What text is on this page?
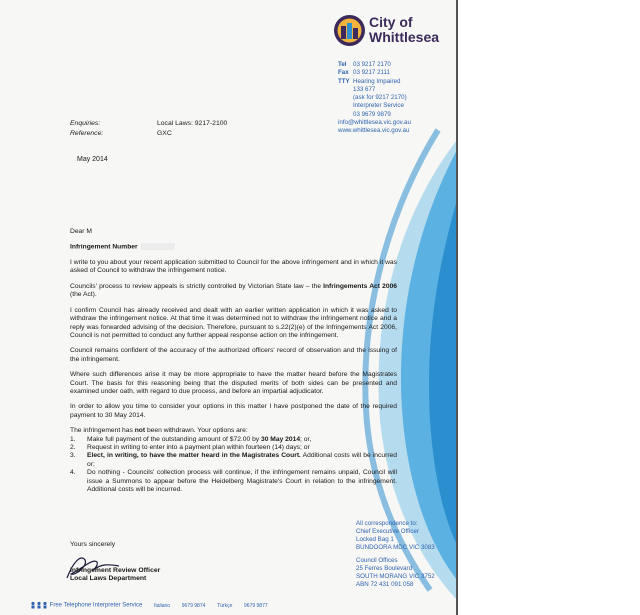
City of
Whittlesea
Tel 03 9217 2170
Fax 03 9217 2111
TTY Hearing Impaired
133 677
(ask for 9217 2170)
Interpreter Service
03 9679 9879
info@whittlesea.vic.gov.au
www.whittlesea.vic.gov.au
Enquiries:	Local Laws: 9217-2100
Reference:	GXC
May 2014

Dear M

Infringement Number

I write to you about your recent application submitted to Council for the above infringement and in which it was asked of Council to withdraw the infringement notice.

Councils' process to review appeals is strictly controlled by Victorian State law – the Infringements Act 2006 (the Act).

I confirm Council has already received and dealt with an earlier written application in which it was asked to withdraw the infringement notice. At that time it was determined not to withdraw the infringement notice and a reply was forwarded advising of the decision. Therefore, pursuant to s.22(2)(e) of the Infringements Act 2006, Council is not permitted to conduct any further appeal response action on the infringement.

Council remains confident of the accuracy of the authorized officers' record of observation and the issuing of the infringement.

Where such differences arise it may be more appropriate to have the matter heard before the Magistrates Court. The basis for this reasoning being that the disputed merits of both sides can be presented and examined under oath, with regard to due process, and before an impartial adjudicator.

In order to allow you time to consider your options in this matter I have postponed the date of the required payment to 30 May 2014.

The infringement has not been withdrawn. Your options are:
1.	Make full payment of the outstanding amount of $72.00 by 30 May 2014; or,
2.	Request in writing to enter into a payment plan within fourteen (14) days; or
3.	Elect, in writing, to have the matter heard in the Magistrates Court. Additional costs will be incurred or;
4.	Do nothing - Councils' collection process will continue, if the infringement remains unpaid, Council will issue a Summons to appear before the Heidelberg Magistrate's Court in relation to the infringement. Additional costs will be incurred.
Yours sincerely
Infringement Review Officer
Local Laws Department
All correspondence to:
Chief Executive Officer
Locked Bag 1
BUNDOORA MDC VIC 3083
Council Offices
25 Ferres Boulevard
SOUTH MORANG VIC 3752
ABN 72 431 091 058
Free Telephone Interpreter Service Italiano 9679 9874 Türkçe 9679 9877
